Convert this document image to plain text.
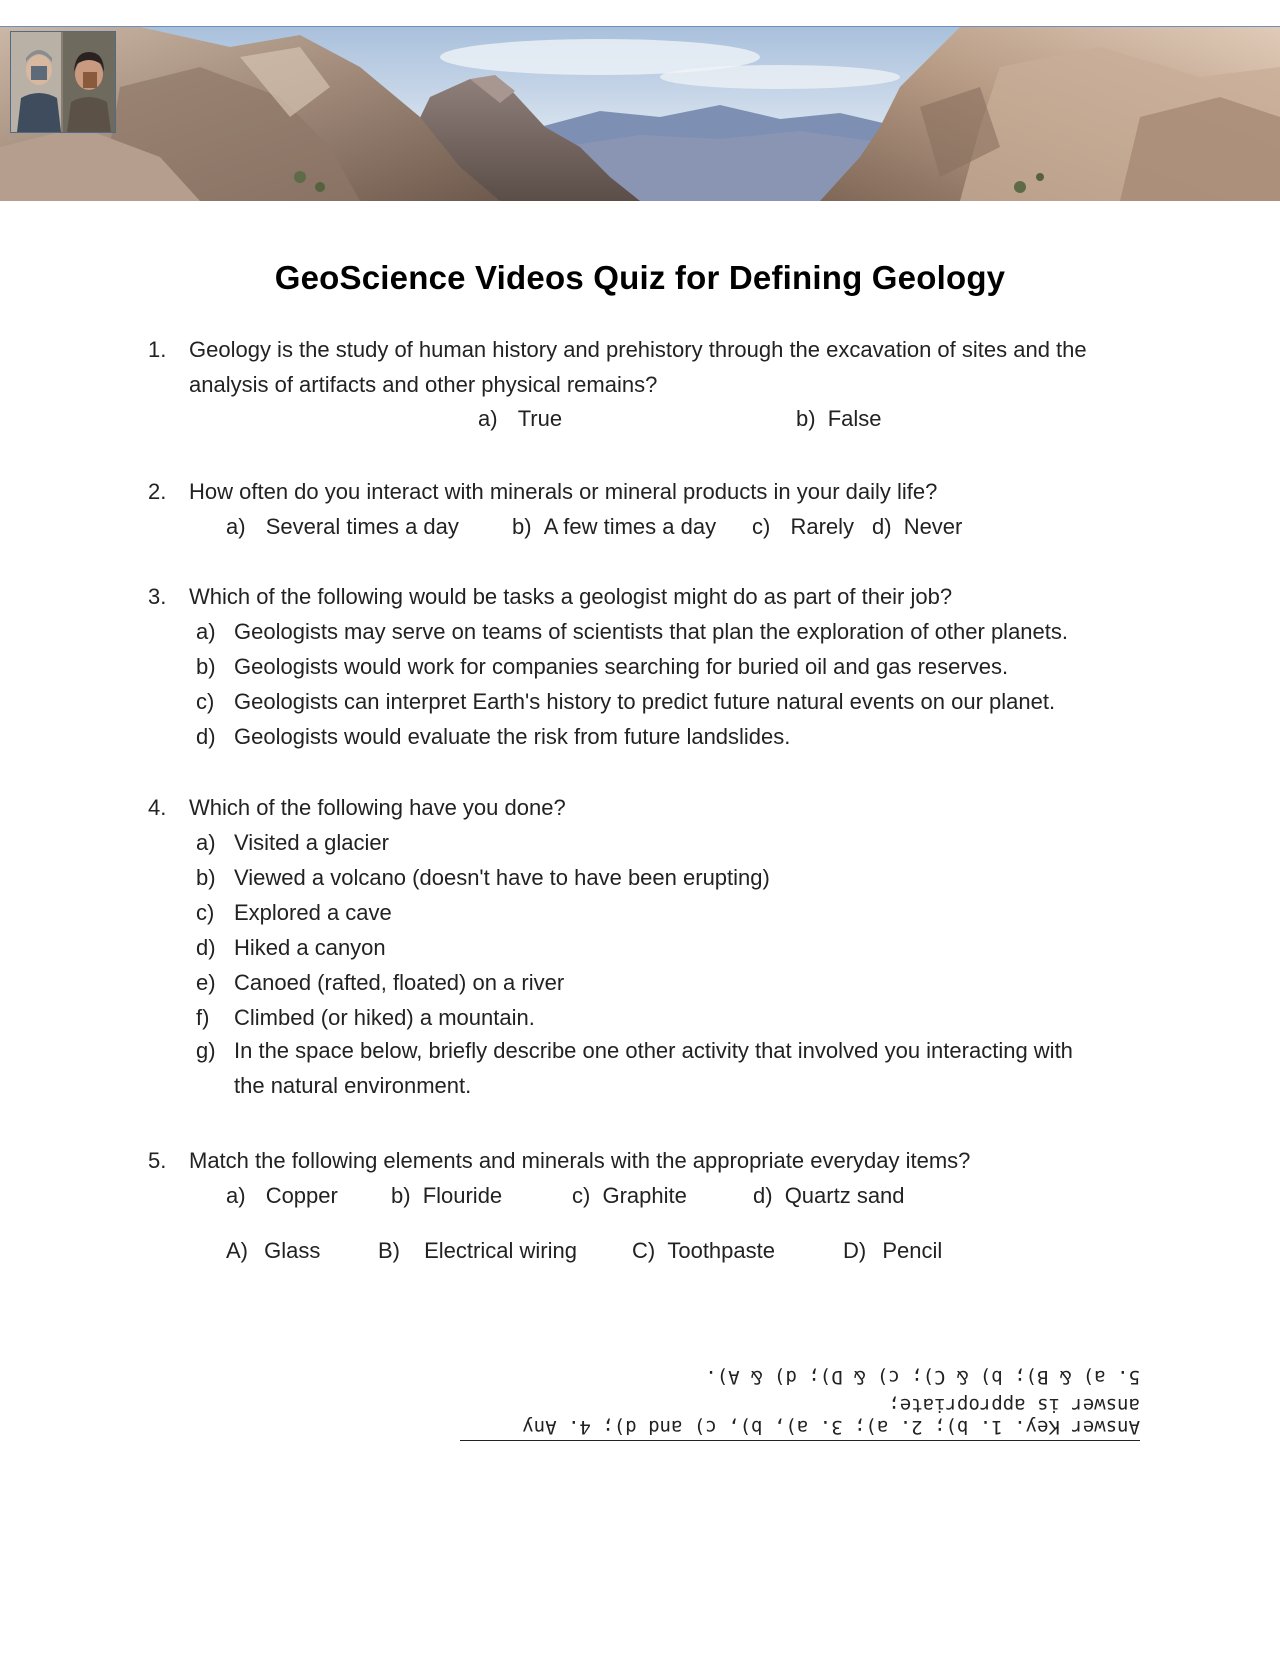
GeoScience Videos Quiz for Defining Geology
1. Geology is the study of human history and prehistory through the excavation of sites and the analysis of artifacts and other physical remains?
a) True	b) False
2. How often do you interact with minerals or mineral products in your daily life?
a) Several times a day b) A few times a day c) Rarely d) Never
3. Which of the following would be tasks a geologist might do as part of their job?
a) Geologists may serve on teams of scientists that plan the exploration of other planets.
b) Geologists would work for companies searching for buried oil and gas reserves.
c) Geologists can interpret Earth's history to predict future natural events on our planet.
d) Geologists would evaluate the risk from future landslides.
4. Which of the following have you done?
a) Visited a glacier
b) Viewed a volcano (doesn't have to have been erupting)
c) Explored a cave
d) Hiked a canyon
e) Canoed (rafted, floated) on a river
f) Climbed (or hiked) a mountain.
g) In the space below, briefly describe one other activity that involved you interacting with the natural environment.
5. Match the following elements and minerals with the appropriate everyday items?
a) Copper b) Flouride	c) Graphite	d) Quartz sand
A) Glass	B) Electrical wiring	C) Toothpaste	D) Pencil
Answer Key. 1. b); 2. a); 3. a), b), c) and d); 4. Any answer is appropriate;
5. a) & B); b) & C); c) & D); d) & A).
